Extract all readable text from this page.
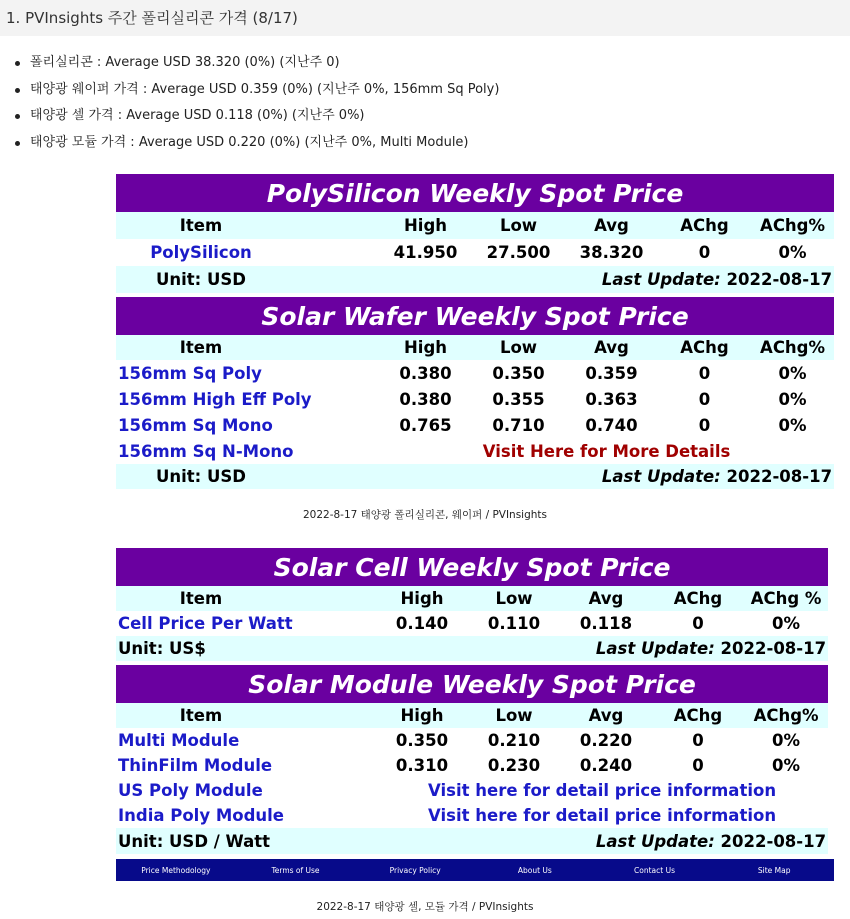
1. PVInsights 주간 폴리실리콘 가격 (8/17)
폴리실리콘 : Average USD 38.320 (0%) (지난주 0)
태양광 웨이퍼 가격 : Average USD 0.359 (0%) (지난주 0%, 156mm Sq Poly)
태양광 셀 가격 : Average USD 0.118 (0%) (지난주 0%)
태양광 모듈 가격 : Average USD 0.220 (0%) (지난주 0%, Multi Module)
PolySilicon Weekly Spot Price						
Item		High	Low	Avg	AChg	AChg%
PolySilicon		41.950	27.500	38.320	0	0%
Unit: USD	Last Update: 2022-08-17					

Solar Wafer Weekly Spot Price						
Item		High	Low	Avg	AChg	AChg%
156mm Sq Poly		0.380	0.350	0.359	0	0%
156mm High Eff Poly		0.380	0.355	0.363	0	0%
156mm Sq Mono		0.765	0.710	0.740	0	0%
156mm Sq N-Mono		Visit Here for More Details				
Unit: USD	Last Update: 2022-08-17					
2022-8-17 태양광 폴리실리콘, 웨이퍼 / PVInsights
Solar Cell Weekly Spot Price						
Item		High	Low	Avg	AChg	AChg %
Cell Price Per Watt		0.140	0.110	0.118	0	0%
Unit: US$	Last Update: 2022-08-17					

Solar Module Weekly Spot Price						
Item		High	Low	Avg	AChg	AChg%
Multi Module		0.350	0.210	0.220	0	0%
ThinFilm Module		0.310	0.230	0.240	0	0%
US Poly Module		Visit here for detail price information				
India Poly Module		Visit here for detail price information				
Unit: USD / Watt	Last Update: 2022-08-17					
Price Methodology	Terms of Use	Privacy Policy	About Us	Contact Us	Site Map
2022-8-17 태양광 셀, 모듈 가격 / PVInsights
